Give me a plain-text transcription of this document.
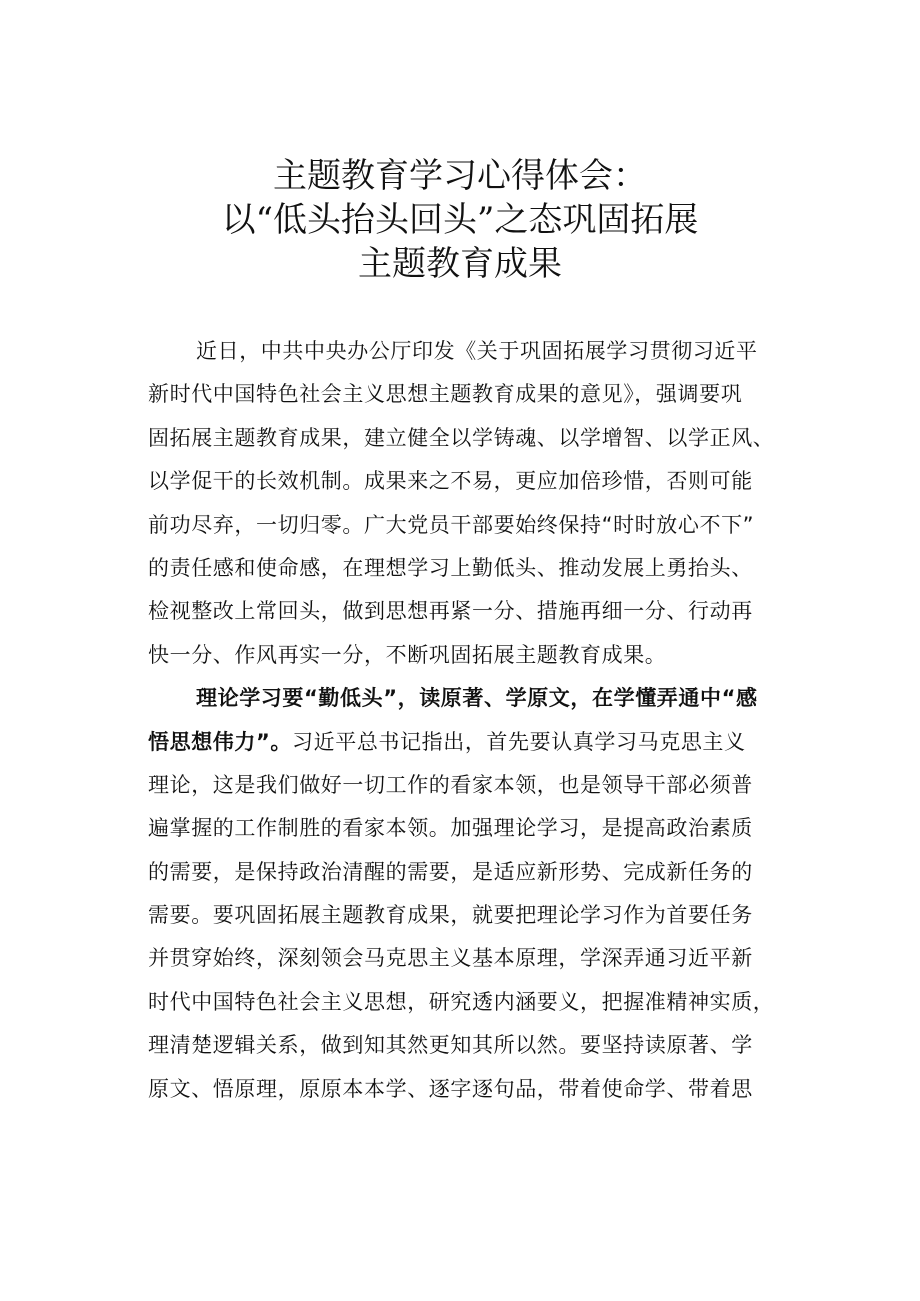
主题教育学习心得体会：
以“低头抬头回头”之态巩固拓展
主题教育成果
近日，中共中央办公厅印发《关于巩固拓展学习贯彻习近平
新时代中国特色社会主义思想主题教育成果的意见》，强调要巩
固拓展主题教育成果，建立健全以学铸魂、以学增智、以学正风、
以学促干的长效机制。成果来之不易，更应加倍珍惜，否则可能
前功尽弃，一切归零。广大党员干部要始终保持“时时放心不下”
的责任感和使命感，在理想学习上勤低头、推动发展上勇抬头、
检视整改上常回头，做到思想再紧一分、措施再细一分、行动再
快一分、作风再实一分，不断巩固拓展主题教育成果。
理论学习要“勤低头”，读原著、学原文，在学懂弄通中“感
悟思想伟力”。习近平总书记指出，首先要认真学习马克思主义
理论，这是我们做好一切工作的看家本领，也是领导干部必须普
遍掌握的工作制胜的看家本领。加强理论学习，是提高政治素质
的需要，是保持政治清醒的需要，是适应新形势、完成新任务的
需要。要巩固拓展主题教育成果，就要把理论学习作为首要任务
并贯穿始终，深刻领会马克思主义基本原理，学深弄通习近平新
时代中国特色社会主义思想，研究透内涵要义，把握准精神实质，
理清楚逻辑关系，做到知其然更知其所以然。要坚持读原著、学
原文、悟原理，原原本本学、逐字逐句品，带着使命学、带着思
